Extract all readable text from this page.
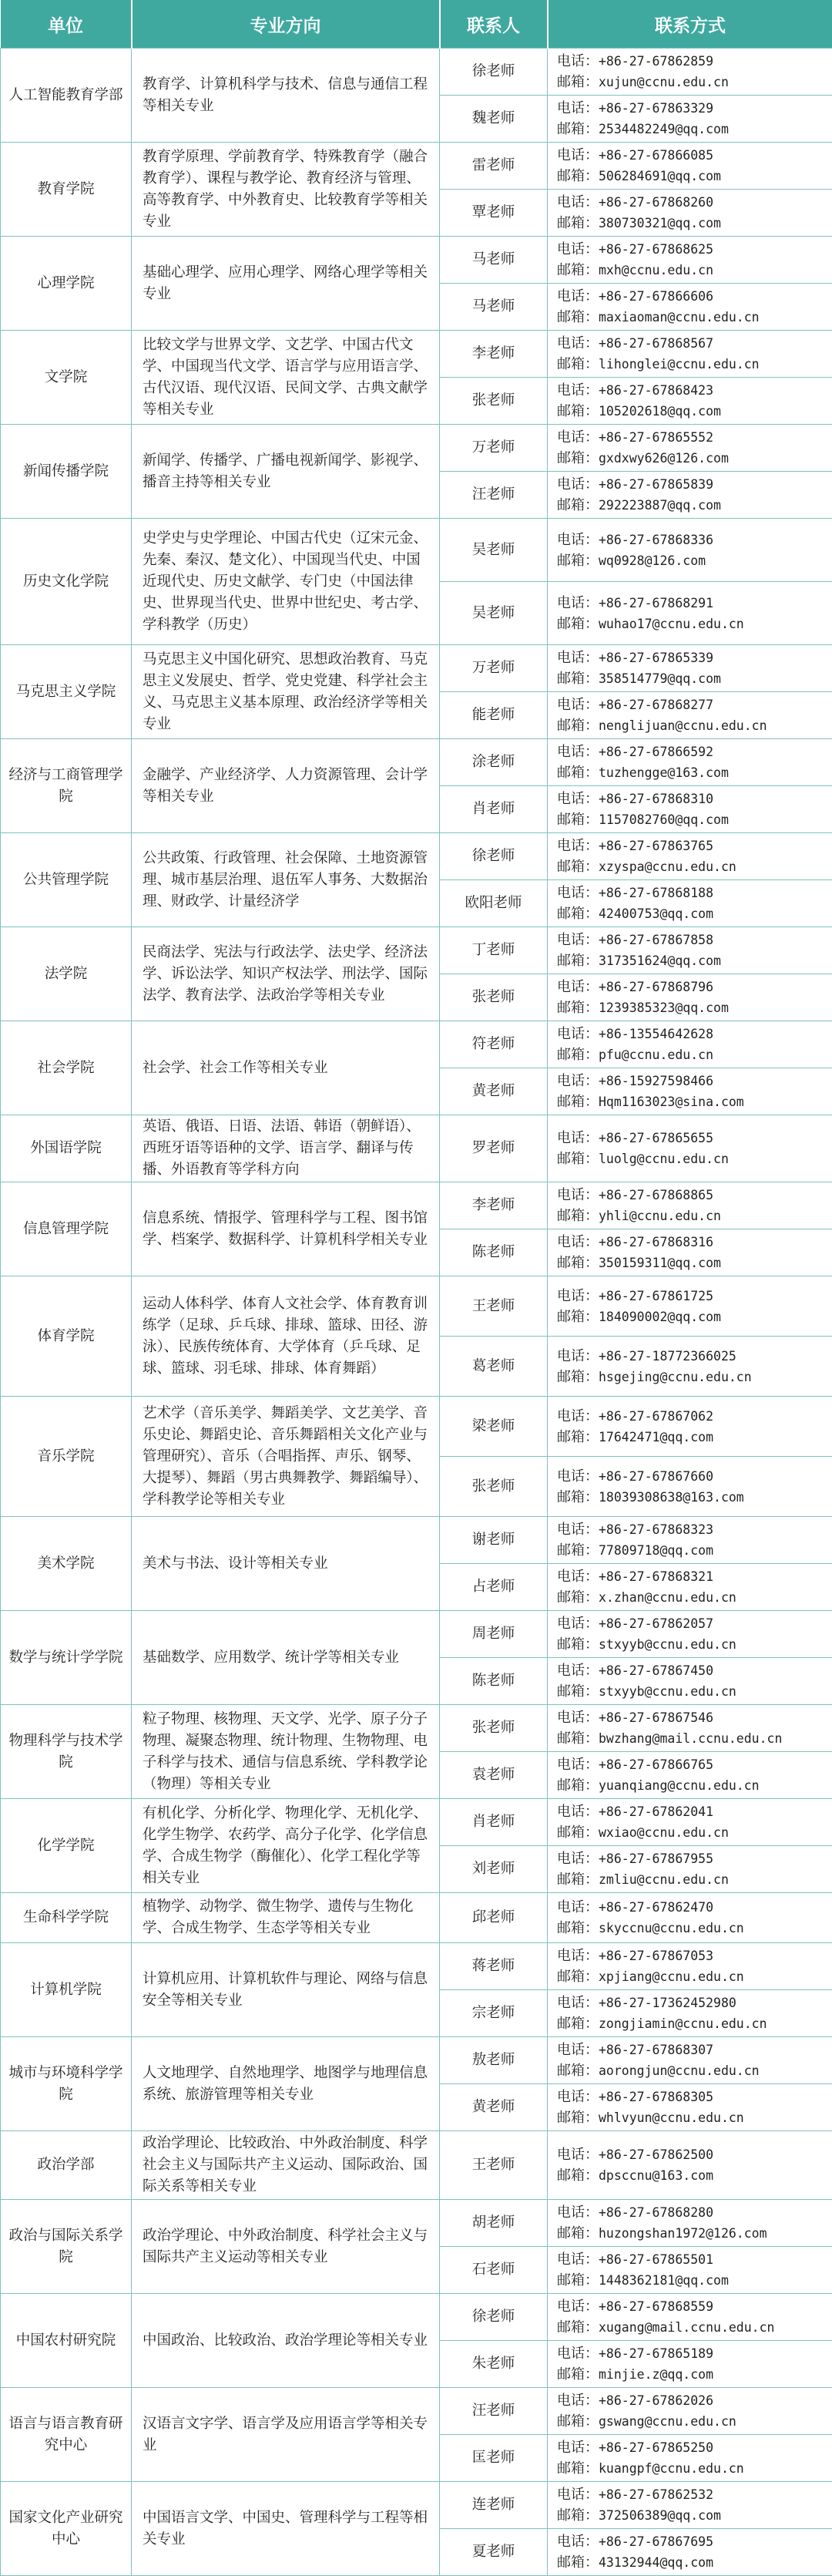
单位	专业方向	联系人	联系方式
人工智能教育学部	教育学、计算机科学与技术、信息与通信工程等相关专业	徐老师	电话：+86-27-67862859
邮箱：xujun@ccnu.edu.cn

		魏老师	电话：+86-27-67863329
邮箱：2534482249@qq.com

教育学院	教育学原理、学前教育学、特殊教育学（融合教育学）、课程与教学论、教育经济与管理、高等教育学、中外教育史、比较教育学等相关专业	雷老师	电话：+86-27-67866085
邮箱：506284691@qq.com

		覃老师	电话：+86-27-67868260
邮箱：380730321@qq.com

心理学院	基础心理学、应用心理学、网络心理学等相关专业	马老师	电话：+86-27-67868625
邮箱：mxh@ccnu.edu.cn

		马老师	电话：+86-27-67866606
邮箱：maxiaoman@ccnu.edu.cn

文学院	比较文学与世界文学、文艺学、中国古代文学、中国现当代文学、语言学与应用语言学、古代汉语、现代汉语、民间文学、古典文献学等相关专业	李老师	电话：+86-27-67868567
邮箱：lihonglei@ccnu.edu.cn

		张老师	电话：+86-27-67868423
邮箱：105202618@qq.com

新闻传播学院	新闻学、传播学、广播电视新闻学、影视学、播音主持等相关专业	万老师	电话：+86-27-67865552
邮箱：gxdxwy626@126.com

		汪老师	电话：+86-27-67865839
邮箱：292223887@qq.com

历史文化学院	史学史与史学理论、中国古代史（辽宋元金、先秦、秦汉、楚文化）、中国现当代史、中国近现代史、历史文献学、专门史（中国法律史、世界现当代史、世界中世纪史、考古学、学科教学（历史）	吴老师	电话：+86-27-67868336
邮箱：wq0928@126.com

		吴老师	电话：+86-27-67868291
邮箱：wuhao17@ccnu.edu.cn

马克思主义学院	马克思主义中国化研究、思想政治教育、马克思主义发展史、哲学、党史党建、科学社会主义、马克思主义基本原理、政治经济学等相关专业	万老师	电话：+86-27-67865339
邮箱：358514779@qq.com

		能老师	电话：+86-27-67868277
邮箱：nenglijuan@ccnu.edu.cn

经济与工商管理学院	金融学、产业经济学、人力资源管理、会计学等相关专业	涂老师	电话：+86-27-67866592
邮箱：tuzhengge@163.com

		肖老师	电话：+86-27-67868310
邮箱：1157082760@qq.com

公共管理学院	公共政策、行政管理、社会保障、土地资源管理、城市基层治理、退伍军人事务、大数据治理、财政学、计量经济学	徐老师	电话：+86-27-67863765
邮箱：xzyspa@ccnu.edu.cn

		欧阳老师	电话：+86-27-67868188
邮箱：42400753@qq.com

法学院	民商法学、宪法与行政法学、法史学、经济法学、诉讼法学、知识产权法学、刑法学、国际法学、教育法学、法政治学等相关专业	丁老师	电话：+86-27-67867858
邮箱：317351624@qq.com

		张老师	电话：+86-27-67868796
邮箱：1239385323@qq.com

社会学院	社会学、社会工作等相关专业	符老师	电话：+86-13554642628
邮箱：pfu@ccnu.edu.cn

		黄老师	电话：+86-15927598466
邮箱：Hqm1163023@sina.com

外国语学院	英语、俄语、日语、法语、韩语（朝鲜语）、西班牙语等语种的文学、语言学、翻译与传播、外语教育等学科方向	罗老师	电话：+86-27-67865655
邮箱：luolg@ccnu.edu.cn

信息管理学院	信息系统、情报学、管理科学与工程、图书馆学、档案学、数据科学、计算机科学相关专业	李老师	电话：+86-27-67868865
邮箱：yhli@ccnu.edu.cn

		陈老师	电话：+86-27-67868316
邮箱：350159311@qq.com

体育学院	运动人体科学、体育人文社会学、体育教育训练学（足球、乒乓球、排球、篮球、田径、游泳）、民族传统体育、大学体育（乒乓球、足球、篮球、羽毛球、排球、体育舞蹈）	王老师	电话：+86-27-67861725
邮箱：184090002@qq.com

		葛老师	电话：+86-27-18772366025
邮箱：hsgejing@ccnu.edu.cn

音乐学院	艺术学（音乐美学、舞蹈美学、文艺美学、音乐史论、舞蹈史论、音乐舞蹈相关文化产业与管理研究）、音乐（合唱指挥、声乐、钢琴、大提琴）、舞蹈（男古典舞教学、舞蹈编导）、学科教学论等相关专业	梁老师	电话：+86-27-67867062
邮箱：17642471@qq.com

		张老师	电话：+86-27-67867660
邮箱：18039308638@163.com

美术学院	美术与书法、设计等相关专业	谢老师	电话：+86-27-67868323
邮箱：77809718@qq.com

		占老师	电话：+86-27-67868321
邮箱：x.zhan@ccnu.edu.cn

数学与统计学学院	基础数学、应用数学、统计学等相关专业	周老师	电话：+86-27-67862057
邮箱：stxyyb@ccnu.edu.cn

		陈老师	电话：+86-27-67867450
邮箱：stxyyb@ccnu.edu.cn

物理科学与技术学院	粒子物理、核物理、天文学、光学、原子分子物理、凝聚态物理、统计物理、生物物理、电子科学与技术、通信与信息系统、学科教学论（物理）等相关专业	张老师	电话：+86-27-67867546
邮箱：bwzhang@mail.ccnu.edu.cn

		袁老师	电话：+86-27-67866765
邮箱：yuanqiang@ccnu.edu.cn

化学学院	有机化学、分析化学、物理化学、无机化学、化学生物学、农药学、高分子化学、化学信息学、合成生物学（酶催化）、化学工程化学等相关专业	肖老师	电话：+86-27-67862041
邮箱：wxiao@ccnu.edu.cn

		刘老师	电话：+86-27-67867955
邮箱：zmliu@ccnu.edu.cn

生命科学学院	植物学、动物学、微生物学、遗传与生物化学、合成生物学、生态学等相关专业	邱老师	电话：+86-27-67862470
邮箱：skyccnu@ccnu.edu.cn

计算机学院	计算机应用、计算机软件与理论、网络与信息安全等相关专业	蒋老师	电话：+86-27-67867053
邮箱：xpjiang@ccnu.edu.cn

		宗老师	电话：+86-27-17362452980
邮箱：zongjiamin@ccnu.edu.cn

城市与环境科学学院	人文地理学、自然地理学、地图学与地理信息系统、旅游管理等相关专业	敖老师	电话：+86-27-67868307
邮箱：aorongjun@ccnu.edu.cn

		黄老师	电话：+86-27-67868305
邮箱：whlvyun@ccnu.edu.cn

政治学部	政治学理论、比较政治、中外政治制度、科学社会主义与国际共产主义运动、国际政治、国际关系等相关专业	王老师	电话：+86-27-67862500
邮箱：dpsccnu@163.com

政治与国际关系学院	政治学理论、中外政治制度、科学社会主义与国际共产主义运动等相关专业	胡老师	电话：+86-27-67868280
邮箱：huzongshan1972@126.com

		石老师	电话：+86-27-67865501
邮箱：1448362181@qq.com

中国农村研究院	中国政治、比较政治、政治学理论等相关专业	徐老师	电话：+86-27-67868559
邮箱：xugang@mail.ccnu.edu.cn

		朱老师	电话：+86-27-67865189
邮箱：minjie.z@qq.com

语言与语言教育研究中心	汉语言文字学、语言学及应用语言学等相关专业	汪老师	电话：+86-27-67862026
邮箱：gswang@ccnu.edu.cn

		匡老师	电话：+86-27-67865250
邮箱：kuangpf@ccnu.edu.cn

国家文化产业研究中心	中国语言文学、中国史、管理科学与工程等相关专业	连老师	电话：+86-27-67862532
邮箱：372506389@qq.com

		夏老师	电话：+86-27-67867695
邮箱：43132944@qq.com
